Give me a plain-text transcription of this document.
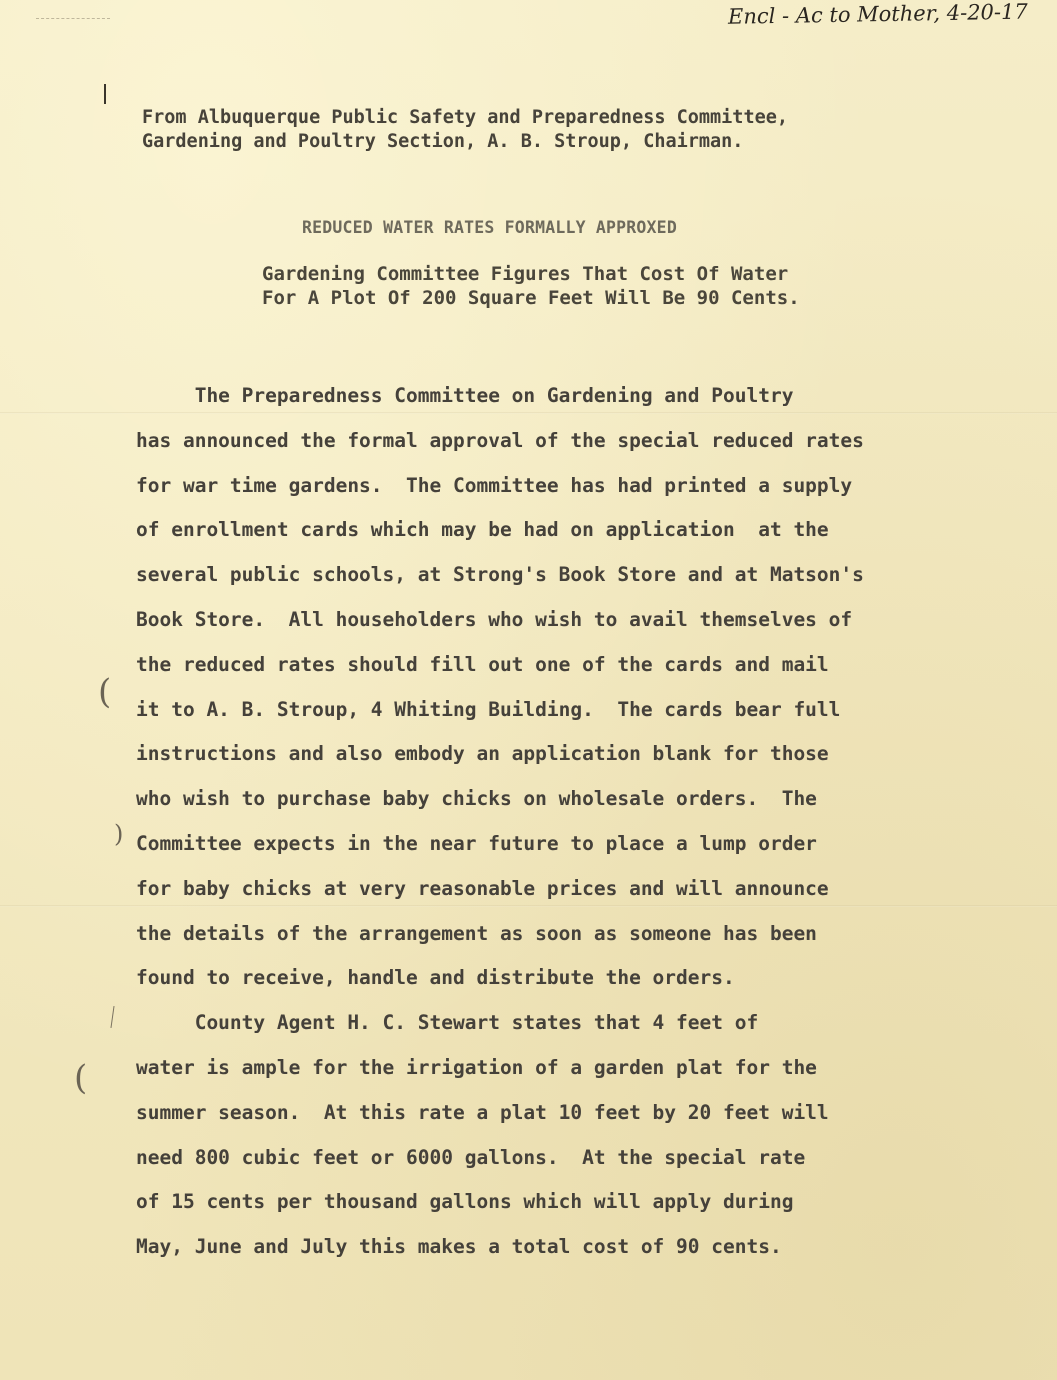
Encl - Ac to Mother, 4-20-17
From Albuquerque Public Safety and Preparedness Committee,
Gardening and Poultry Section, A. B. Stroup, Chairman.
REDUCED WATER RATES FORMALLY APPROXED
Gardening Committee Figures That Cost Of Water
For A Plot Of 200 Square Feet Will Be 90 Cents.
The Preparedness Committee on Gardening and Poultry
has announced the formal approval of the special reduced rates
for war time gardens.  The Committee has had printed a supply
of enrollment cards which may be had on application  at the
several public schools, at Strong's Book Store and at Matson's
Book Store.  All householders who wish to avail themselves of
the reduced rates should fill out one of the cards and mail
it to A. B. Stroup, 4 Whiting Building.  The cards bear full
instructions and also embody an application blank for those
who wish to purchase baby chicks on wholesale orders.  The
Committee expects in the near future to place a lump order
for baby chicks at very reasonable prices and will announce
the details of the arrangement as soon as someone has been
found to receive, handle and distribute the orders.
County Agent H. C. Stewart states that 4 feet of
water is ample for the irrigation of a garden plat for the
summer season.  At this rate a plat 10 feet by 20 feet will
need 800 cubic feet or 6000 gallons.  At the special rate
of 15 cents per thousand gallons which will apply during
May, June and July this makes a total cost of 90 cents.
(
)
(
